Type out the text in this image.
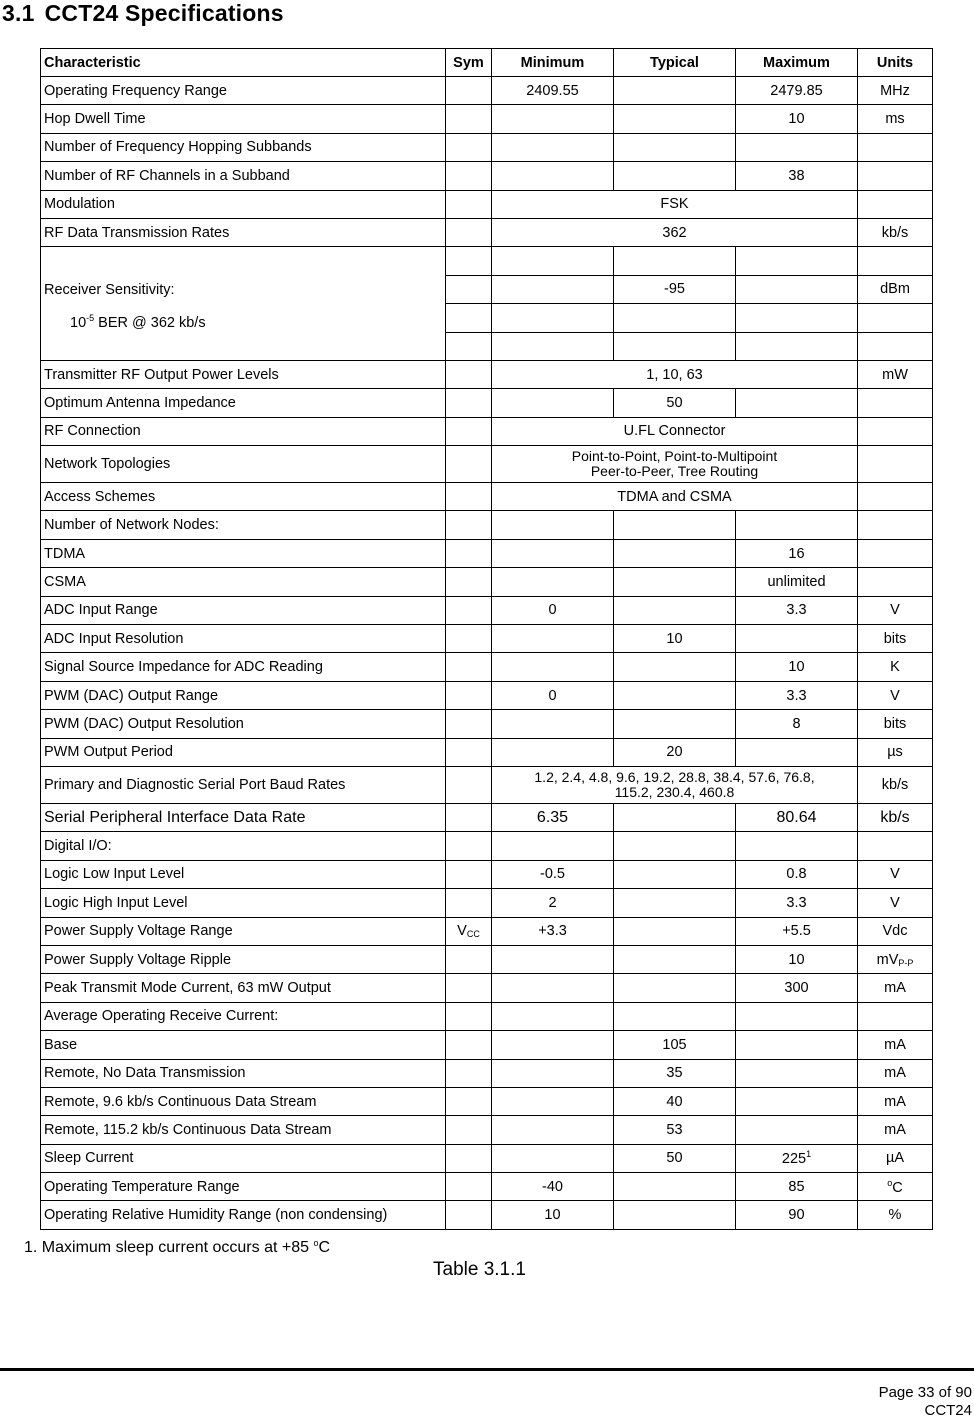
3.1 CCT24 Specifications
Characteristic	Sym	Minimum	Typical	Maximum	Units
Operating Frequency Range		2409.55		2479.85	MHz
Hop Dwell Time				10	ms
Number of Frequency Hopping Subbands					
Number of RF Channels in a Subband				38	
Modulation		FSK			
RF Data Transmission Rates		362			kb/s

Receiver Sensitivity:
$10^{-5}$ BER @ 362 kb/s					

			-95		dBm

Transmitter RF Output Power Levels		1, 10, 63			mW
Optimum Antenna Impedance			50		
RF Connection		U.FL Connector			
Network Topologies		Point-to-Point, Point-to-Multipoint
Peer-to-Peer, Tree Routing			

Access Schemes		TDMA and CSMA			
Number of Network Nodes:					
TDMA				16	
CSMA				unlimited	
ADC Input Range		0		3.3	V
ADC Input Resolution			10		bits
Signal Source Impedance for ADC Reading				10	K
PWM (DAC) Output Range		0		3.3	V
PWM (DAC) Output Resolution				8	bits
PWM Output Period			20		µs
Primary and Diagnostic Serial Port Baud Rates		1.2, 2.4, 4.8, 9.6, 19.2, 28.8, 38.4, 57.6, 76.8,
115.2, 230.4, 460.8			kb/s
Serial Peripheral Interface Data Rate		6.35		80.64	kb/s
Digital I/O:					
Logic Low Input Level		-0.5		0.8	V
Logic High Input Level		2		3.3	V
Power Supply Voltage Range	$V_{CC}$	+3.3		+5.5	Vdc
Power Supply Voltage Ripple				10	$mV_{P-P}$
Peak Transmit Mode Current, 63 mW Output				300	mA
Average Operating Receive Current:					
Base			105		mA
Remote, No Data Transmission			35		mA
Remote, 9.6 kb/s Continuous Data Stream			40		mA
Remote, 115.2 kb/s Continuous Data Stream			53		mA
Sleep Current			50	$225^1$	µA
Operating Temperature Range		-40		85	$^o$C
Operating Relative Humidity Range (non condensing)		10		90	%
1. Maximum sleep current occurs at +85 $^o$C
Table 3.1.1
Page 33 of 90
CCT24
